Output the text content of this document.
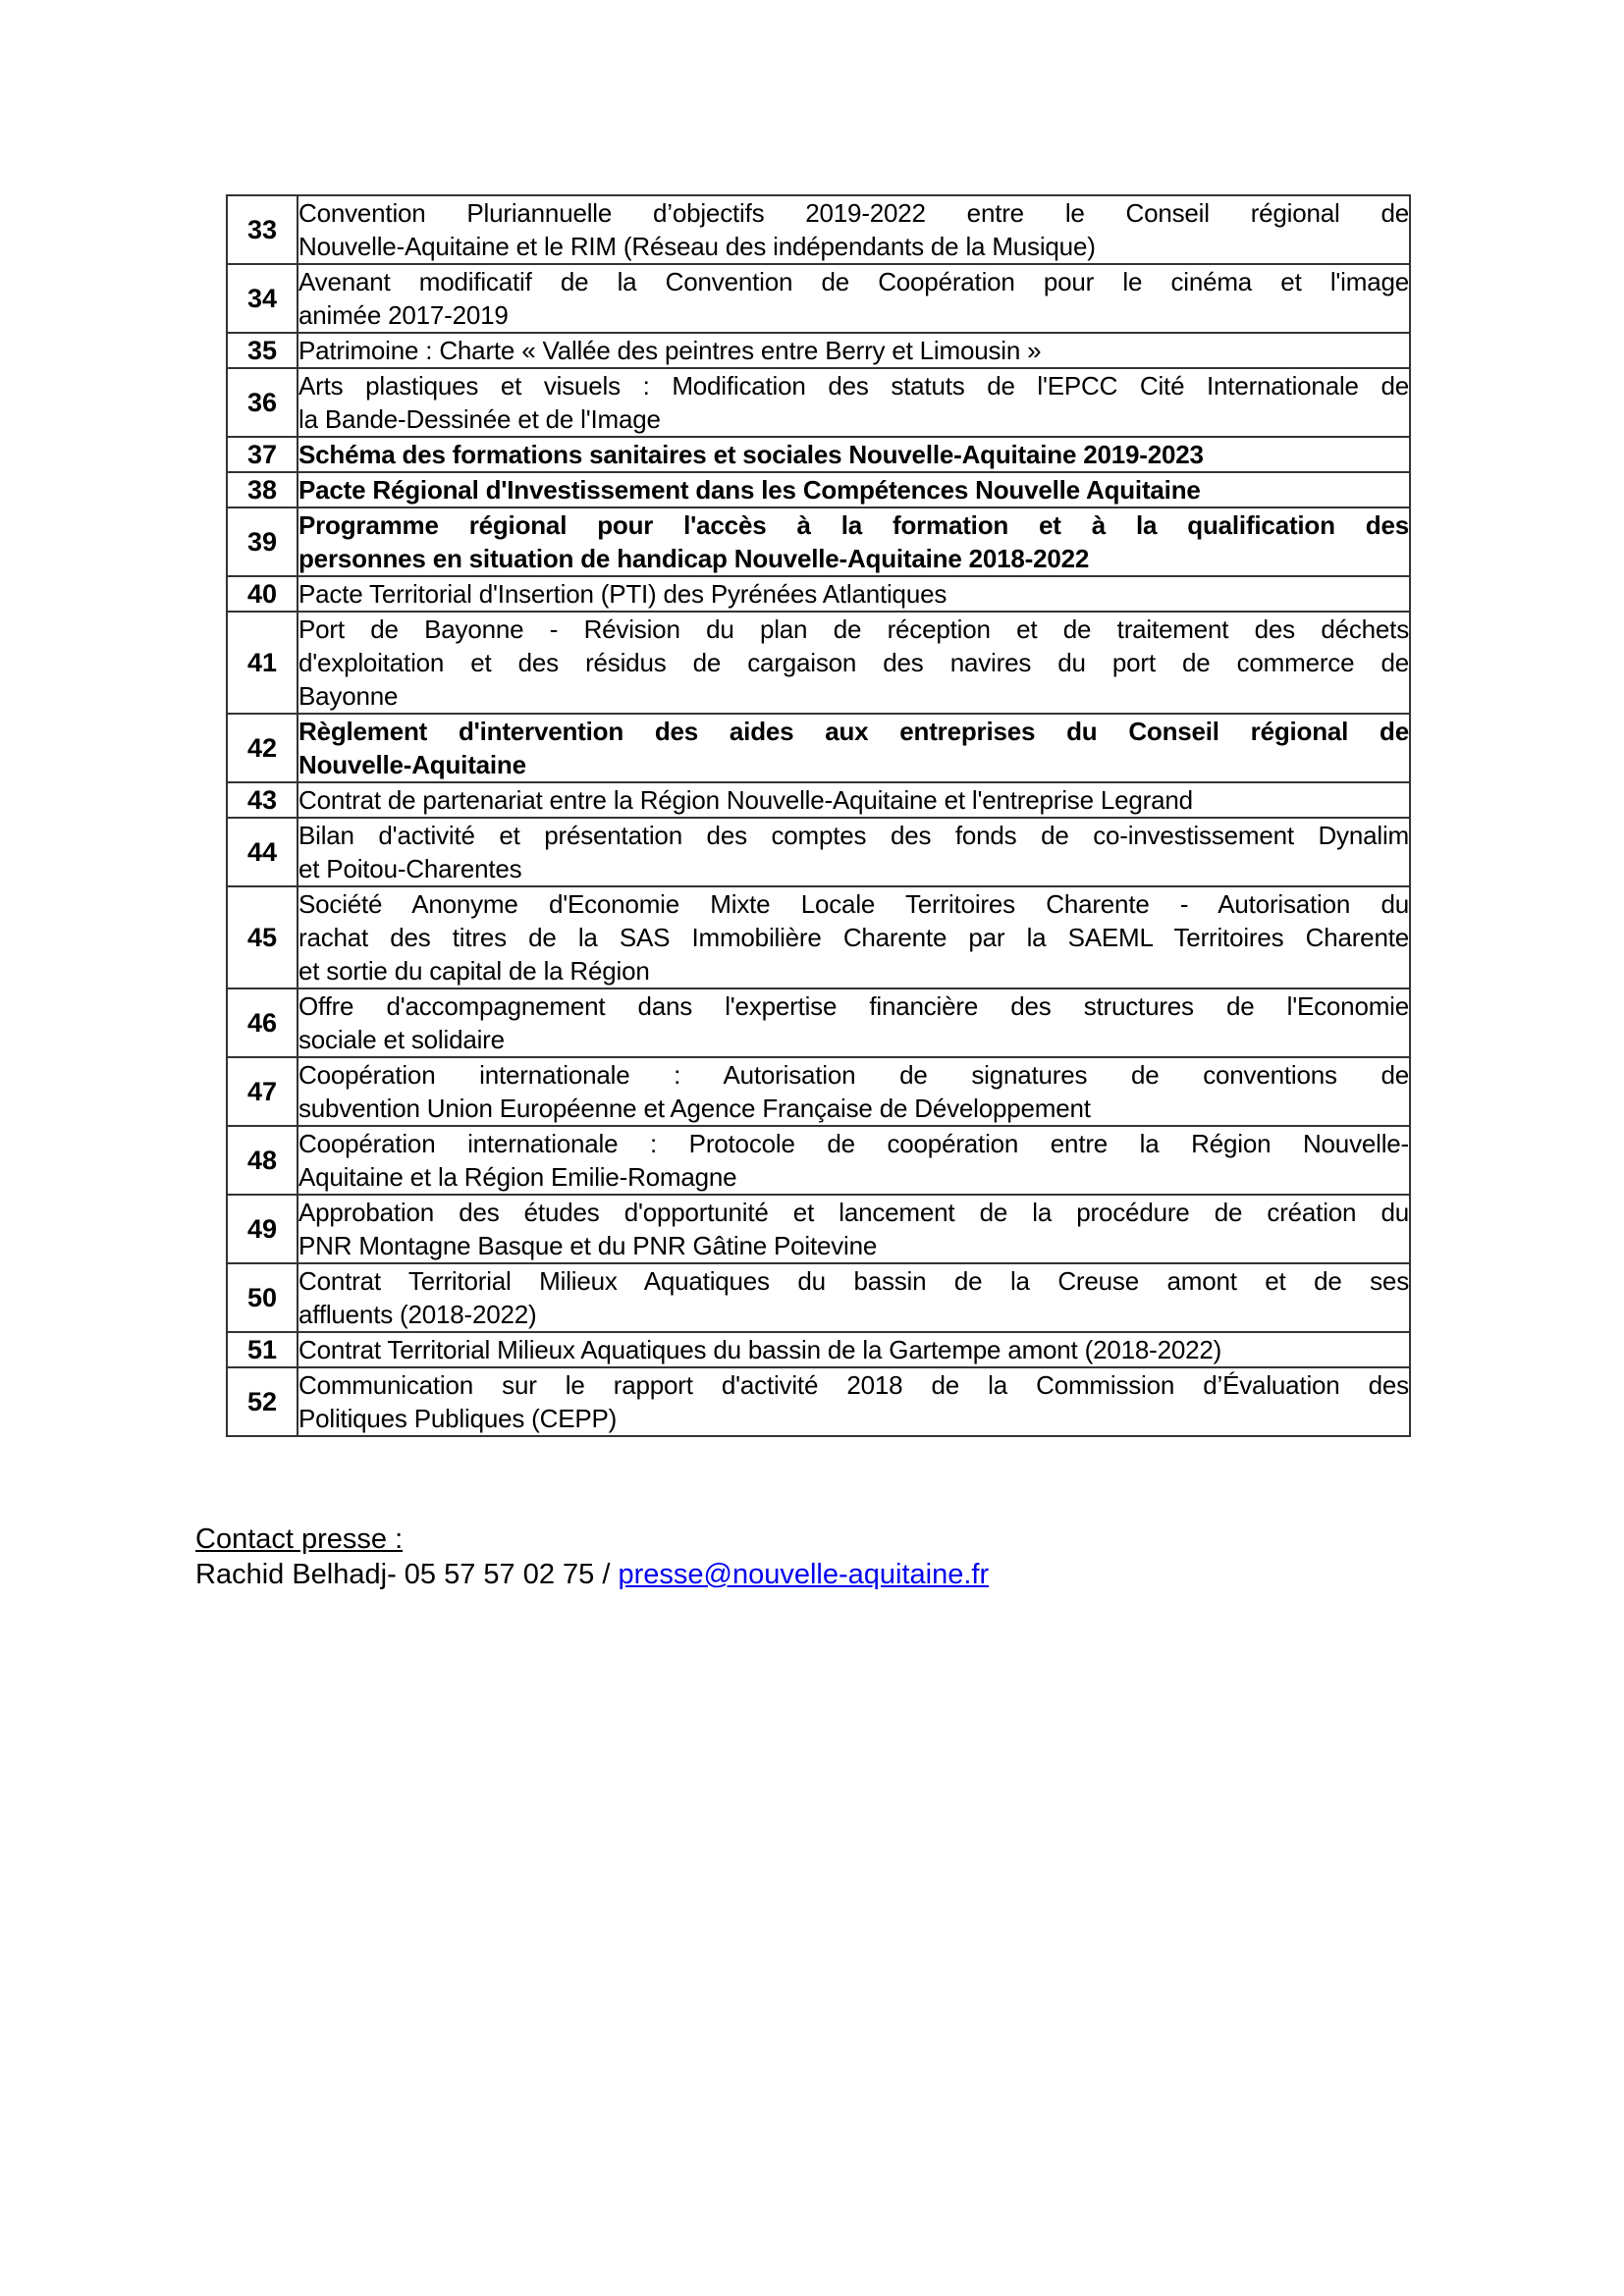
33	Convention Pluriannuelle d’objectifs 2019-2022 entre le Conseil régional de
Nouvelle-Aquitaine et le RIM (Réseau des indépendants de la Musique)

34	Avenant modificatif de la Convention de Coopération pour le cinéma et l'image
animée 2017-2019

35	Patrimoine : Charte « Vallée des peintres entre Berry et Limousin »

36	Arts plastiques et visuels : Modification des statuts de l'EPCC Cité Internationale de
la Bande-Dessinée et de l'Image

37	Schéma des formations sanitaires et sociales Nouvelle-Aquitaine 2019-2023

38	Pacte Régional d'Investissement dans les Compétences Nouvelle Aquitaine

39	Programme régional pour l'accès à la formation et à la qualification des
personnes en situation de handicap Nouvelle-Aquitaine 2018-2022

40	Pacte Territorial d'Insertion (PTI) des Pyrénées Atlantiques

41	Port de Bayonne - Révision du plan de réception et de traitement des déchets
d'exploitation et des résidus de cargaison des navires du port de commerce de
Bayonne

42	Règlement d'intervention des aides aux entreprises du Conseil régional de
Nouvelle-Aquitaine

43	Contrat de partenariat entre la Région Nouvelle-Aquitaine et l'entreprise Legrand

44	Bilan d'activité et présentation des comptes des fonds de co-investissement Dynalim
et Poitou-Charentes

45	Société Anonyme d'Economie Mixte Locale Territoires Charente - Autorisation du
rachat des titres de la SAS Immobilière Charente par la SAEML Territoires Charente
et sortie du capital de la Région

46	Offre d'accompagnement dans l'expertise financière des structures de l'Economie
sociale et solidaire

47	Coopération internationale : Autorisation de signatures de conventions de
subvention Union Européenne et Agence Française de Développement

48	Coopération internationale : Protocole de coopération entre la Région Nouvelle-
Aquitaine et la Région Emilie-Romagne

49	Approbation des études d'opportunité et lancement de la procédure de création du
PNR Montagne Basque et du PNR Gâtine Poitevine

50	Contrat Territorial Milieux Aquatiques du bassin de la Creuse amont et de ses
affluents (2018-2022)

51	Contrat Territorial Milieux Aquatiques du bassin de la Gartempe amont (2018-2022)

52	Communication sur le rapport d'activité 2018 de la Commission d’Évaluation des
Politiques Publiques (CEPP)
Contact presse :
Rachid Belhadj- 05 57 57 02 75 / presse@nouvelle-aquitaine.fr
